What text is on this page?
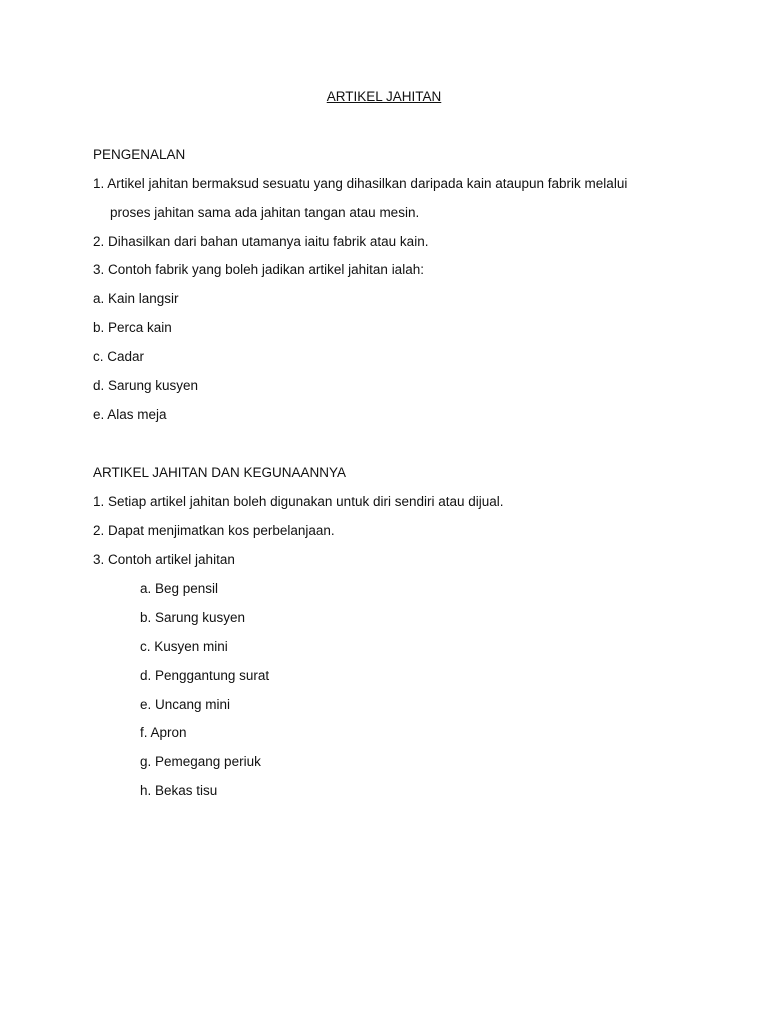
ARTIKEL JAHITAN
PENGENALAN
1. Artikel jahitan bermaksud sesuatu yang dihasilkan daripada kain ataupun fabrik melalui
proses jahitan sama ada jahitan tangan atau mesin.
2. Dihasilkan dari bahan utamanya iaitu fabrik atau kain.
3. Contoh fabrik yang boleh jadikan artikel jahitan ialah:
a. Kain langsir
b. Perca kain
c. Cadar
d. Sarung kusyen
e. Alas meja
ARTIKEL JAHITAN DAN KEGUNAANNYA
1. Setiap artikel jahitan boleh digunakan untuk diri sendiri atau dijual.
2. Dapat menjimatkan kos perbelanjaan.
3. Contoh artikel jahitan
a. Beg pensil
b. Sarung kusyen
c. Kusyen mini
d. Penggantung surat
e. Uncang mini
f. Apron
g. Pemegang periuk
h. Bekas tisu
